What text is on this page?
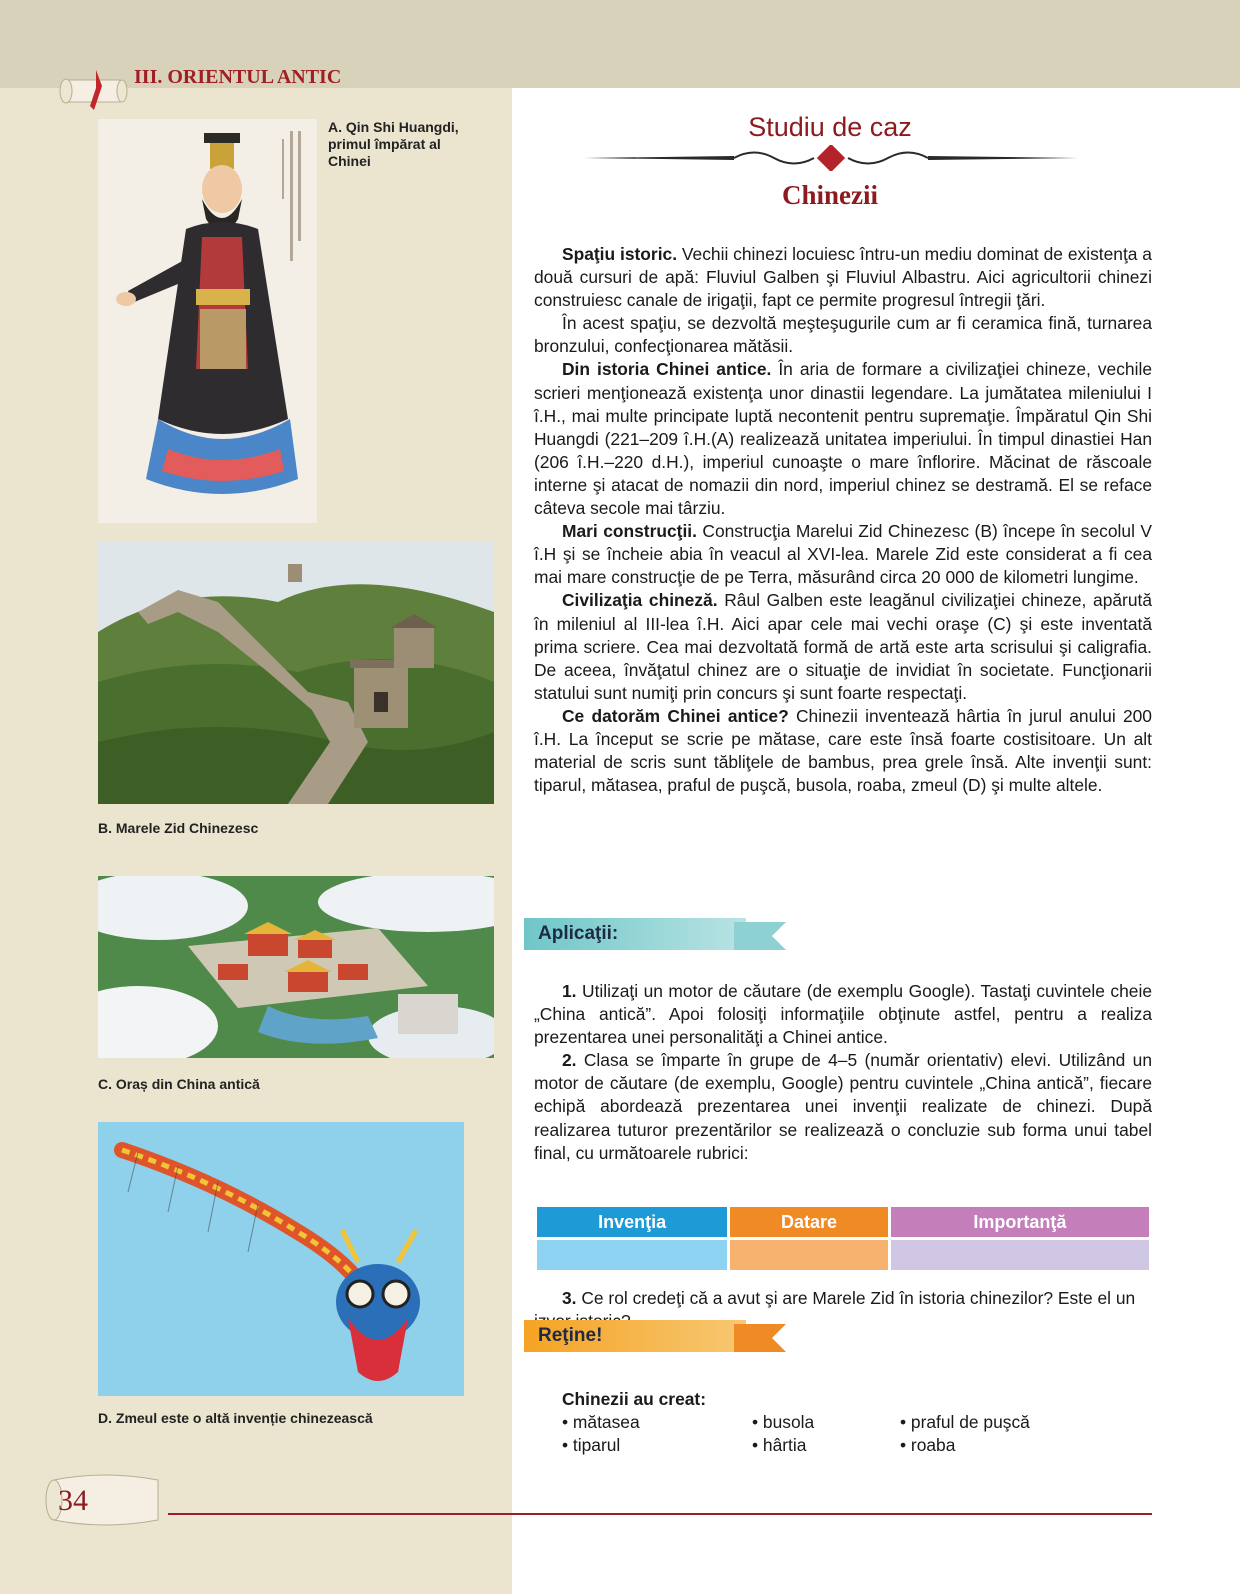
III. ORIENTUL ANTIC
A. Qin Shi Huangdi, primul împărat al Chinei
B. Marele Zid Chinezesc
C. Oraș din China antică
D. Zmeul este o altă invenție chinezească
Studiu de caz
Chinezii

Spaţiu istoric. Vechii chinezi locuiesc întru-un mediu dominat de existenţa a două cursuri de apă: Fluviul Galben şi Fluviul Albastru. Aici agricultorii chinezi construiesc canale de irigaţii, fapt ce permite progresul întregii ţări.

În acest spaţiu, se dezvoltă meşteşugurile cum ar fi ceramica fină, turnarea bronzului, confecţionarea mătăsii.

Din istoria Chinei antice. În aria de formare a civilizaţiei chineze, vechile scrieri menţionează existenţa unor dinastii legendare. La jumătatea mileniului I î.H., mai multe principate luptă necontenit pentru supremaţie. Împăratul Qin Shi Huangdi (221–209 î.H.(A) realizează unitatea imperiului. În timpul dinastiei Han (206 î.H.–220 d.H.), imperiul cunoaşte o mare înflorire. Măcinat de răscoale interne şi atacat de nomazii din nord, imperiul chinez se destramă. El se reface câteva secole mai târziu.

Mari construcţii. Construcţia Marelui Zid Chinezesc (B) începe în secolul V î.H şi se încheie abia în veacul al XVI-lea. Marele Zid este considerat a fi cea mai mare construcţie de pe Terra, măsurând circa 20 000 de kilometri lungime.

Civilizaţia chineză. Râul Galben este leagănul civilizaţiei chineze, apărută în mileniul al III-lea î.H. Aici apar cele mai vechi oraşe (C) şi este inventată prima scriere. Cea mai dezvoltată formă de artă este arta scrisului şi caligrafia. De aceea, învăţatul chinez are o situaţie de invidiat în societate. Funcţionarii statului sunt numiţi prin concurs şi sunt foarte respectaţi.

Ce datorăm Chinei antice? Chinezii inventează hârtia în jurul anului 200 î.H. La început se scrie pe mătase, care este însă foarte costisitoare. Un alt material de scris sunt tăbliţele de bambus, prea grele însă. Alte invenţii sunt: tiparul, mătasea, praful de puşcă, busola, roaba, zmeul (D) şi multe altele.

Aplicaţii:

1. Utilizaţi un motor de căutare (de exemplu Google). Tastaţi cuvintele cheie „China antică”. Apoi folosiţi informaţiile obţinute astfel, pentru a realiza prezentarea unei personalităţi a Chinei antice.

2. Clasa se împarte în grupe de 4–5 (număr orientativ) elevi. Utilizând un motor de căutare (de exemplu, Google) pentru cuvintele „China antică”, fiecare echipă abordează prezentarea unei invenţii realizate de chinezi. După realizarea tuturor prezentărilor se realizează o concluzie sub forma unui tabel final, cu următoarele rubrici:

Invenţia	Datare	Importanţă

3. Ce rol credeţi că a avut şi are Marele Zid în istoria chinezilor? Este el un

Reţine!

Chinezii au creat:

• mătasea	• busola	• praful de puşcă
• tiparul	• hârtia	• roaba
34
